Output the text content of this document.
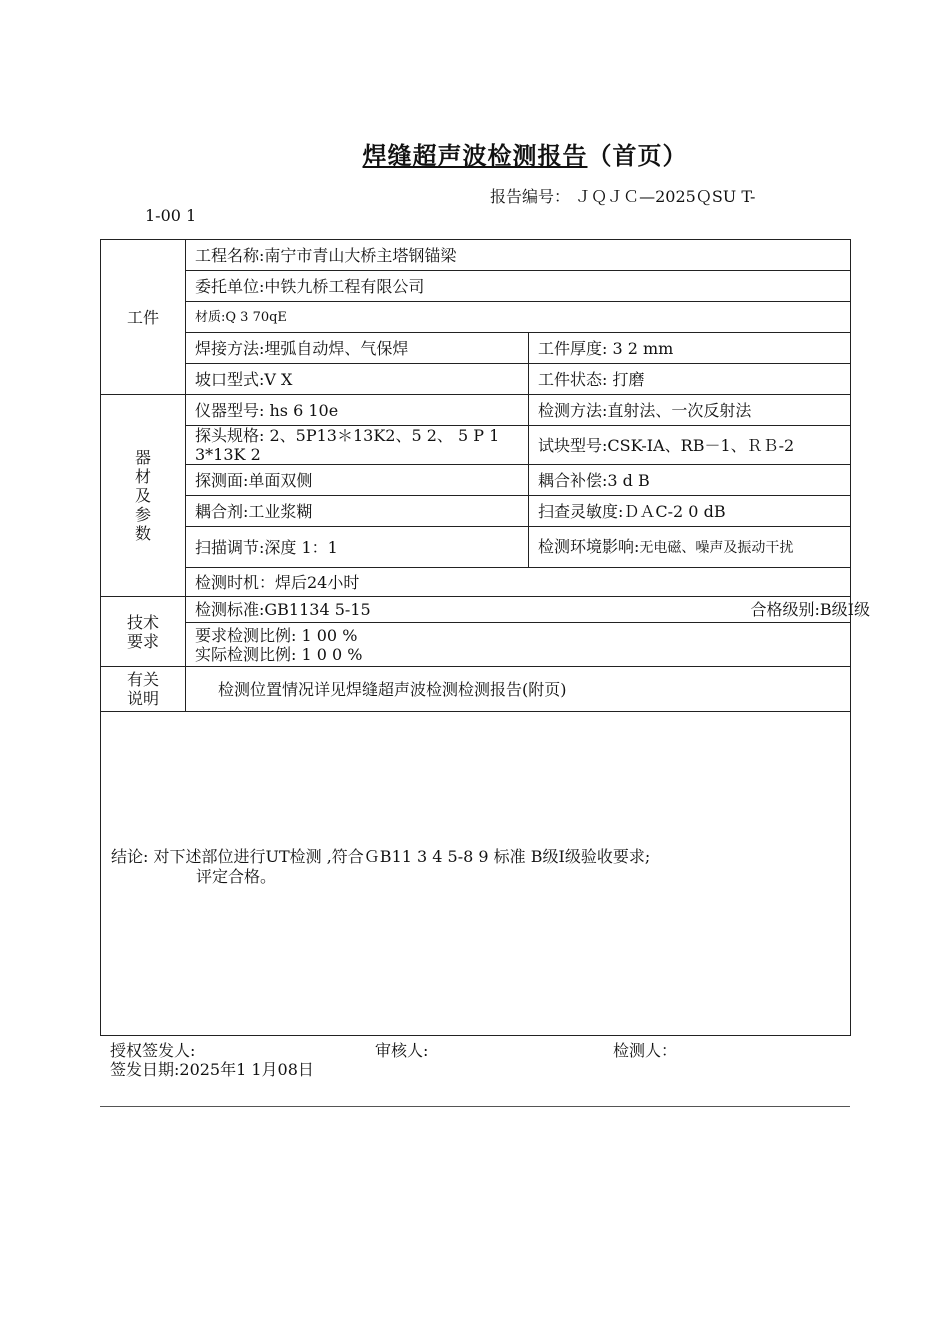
焊缝超声波检测报告（首页）
报告编号： ＪＱＪＣ—2025ＱSU T-
1-00 1
工件	工程名称:南宁市青山大桥主塔钢锚梁	
	委托单位:中铁九桥工程有限公司	
	材质:Q 3 70qE	
	焊接方法:埋弧自动焊、气保焊	工件厚度: 3 2 mm
	坡口型式:V X	工件状态: 打磨

器
材
及
参
数	仪器型号: hs 6 10e	检测方法:直射法、一次反射法
	探头规格: 2、5P13＊13K2、5 2、 5 P 1 3*13K 2	试块型号:CSK-ⅠA、RB－1、ＲＢ-2
	探测面:单面双侧	耦合补偿:3 d B
	耦合剂:工业浆糊	扫查灵敏度:ＤＡC-2 0 dB
	扫描调节:深度 1：1	检测环境影响:无电磁、噪声及振动干扰
	检测时机：焊后24小时	

技术
要求	检测标准:GB1134 5-15 合格级别:B级Ⅰ级	

	要求检测比例: 1 00 %
实际检测比例: 1 0 0 %	

有关
说明	检测位置情况详见焊缝超声波检测检测报告(附页)	

结论: 对下述部位进行UT检测 ,符合ＧB11 3 4 5-8 9 标准 B级Ⅰ级验收要求;
评定合格。		
授权签发人:	审核人:	检测人：
签发日期:2025年1 1月08日
